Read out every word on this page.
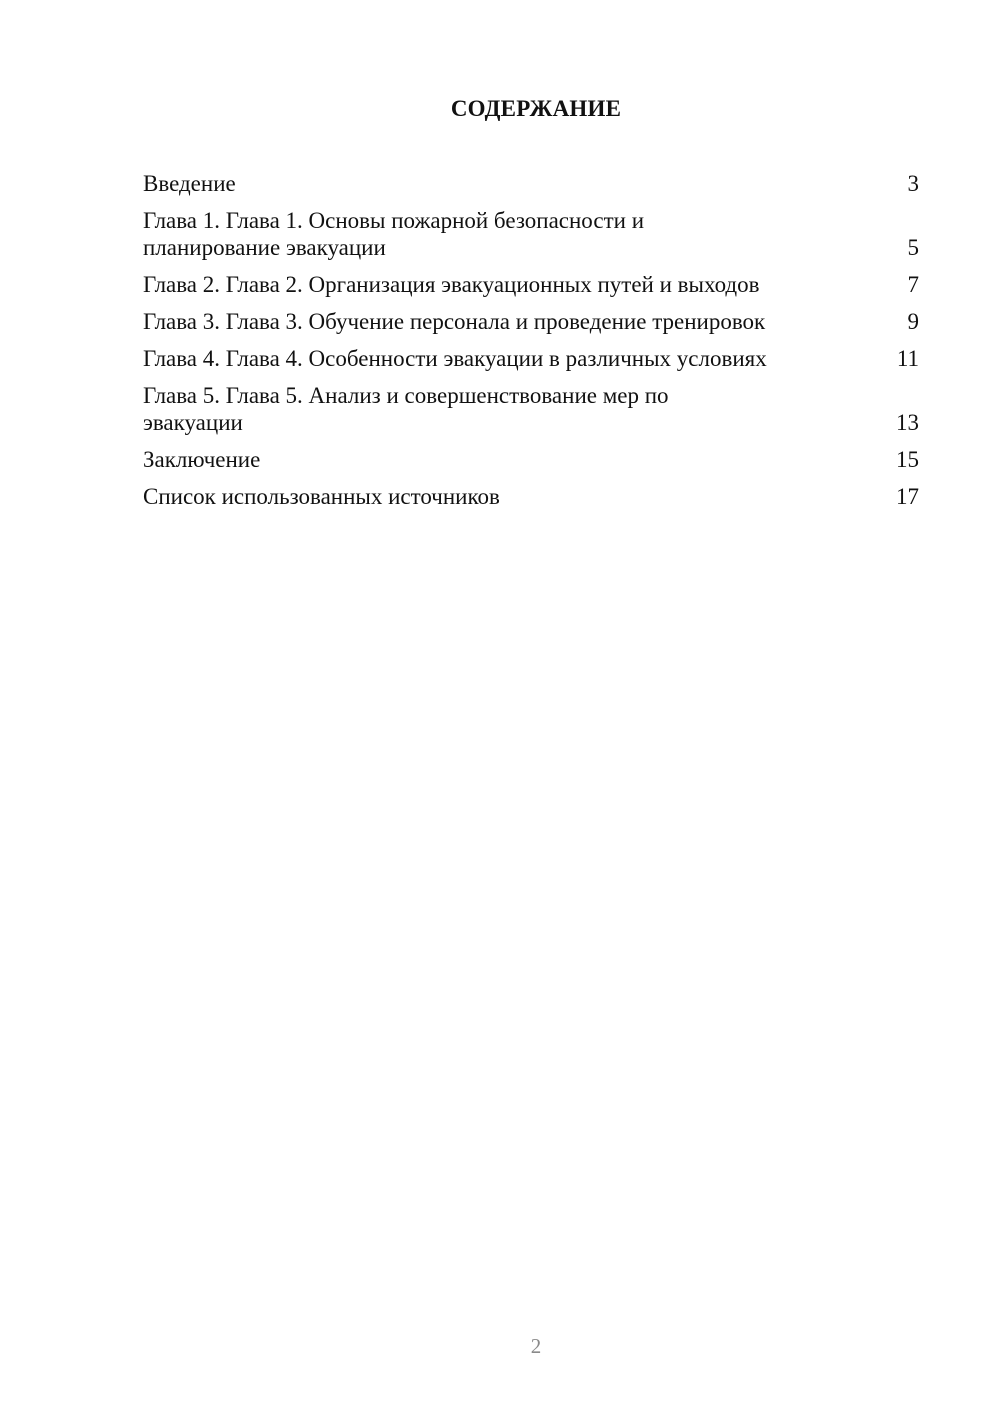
СОДЕРЖАНИЕ
Введение	3
Глава 1. Глава 1. Основы пожарной безопасности и планирование эвакуации	5
Глава 2. Глава 2. Организация эвакуационных путей и выходов	7
Глава 3. Глава 3. Обучение персонала и проведение тренировок	9
Глава 4. Глава 4. Особенности эвакуации в различных условиях	11
Глава 5. Глава 5. Анализ и совершенствование мер по эвакуации	13
Заключение	15
Список использованных источников	17
2
